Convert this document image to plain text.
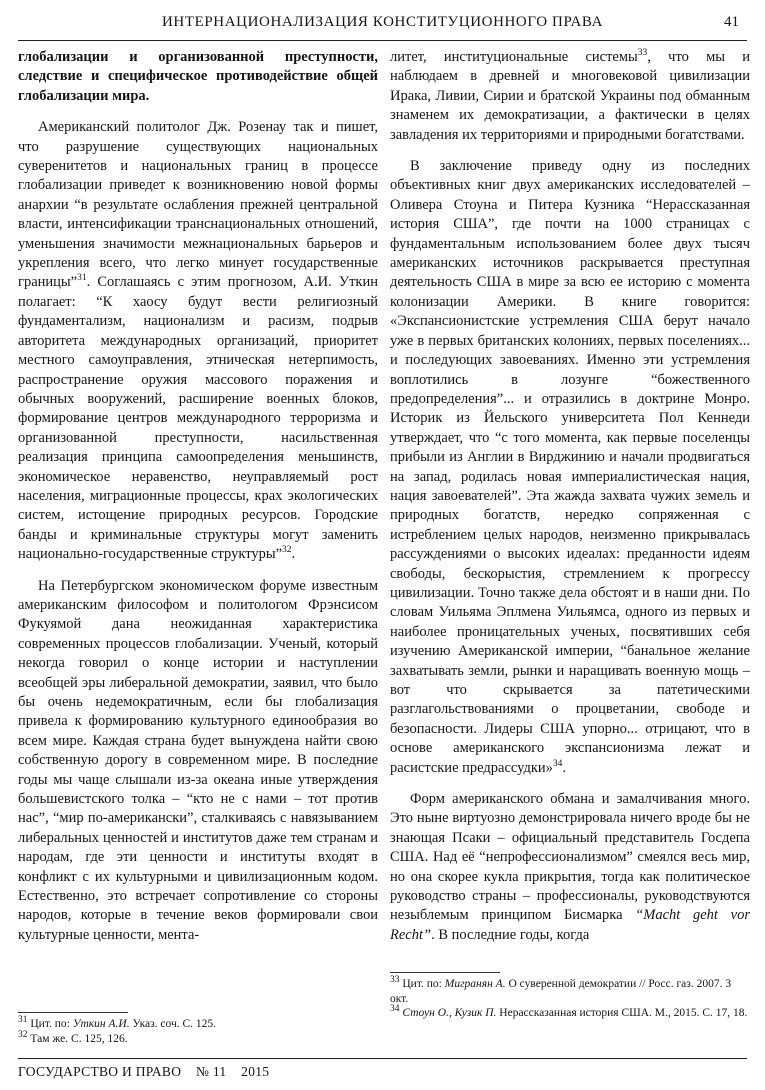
ИНТЕРНАЦИОНАЛИЗАЦИЯ КОНСТИТУЦИОННОГО ПРАВА	41

глобализации и организованной преступности, следствие и специфическое противодействие общей глобализации мира.

Американский политолог Дж. Розенау так и пишет, что разрушение существующих национальных суверенитетов и национальных границ в процессе глобализации приведет к возникновению новой формы анархии “в результате ослабления прежней центральной власти, интенсификации транснациональных отношений, уменьшения значимости межнациональных барьеров и укрепления всего, что легко минует государственные границы”$^{31}$. Соглашаясь с этим прогнозом, А.И. Уткин полагает: “К хаосу будут вести религиозный фундаментализм, национализм и расизм, подрыв авторитета международных организаций, приоритет местного самоуправления, этническая нетерпимость, распространение оружия массового поражения и обычных вооружений, расширение военных блоков, формирование центров международного терроризма и организованной преступности, насильственная реализация принципа самоопределения меньшинств, экономическое неравенство, неуправляемый рост населения, миграционные процессы, крах экологических систем, истощение природных ресурсов. Городские банды и криминальные структуры могут заменить национально-государственные структуры”$^{32}$.

На Петербургском экономическом форуме известным американским философом и политологом Фрэнсисом Фукуямой дана неожиданная характеристика современных процессов глобализации. Ученый, который некогда говорил о конце истории и наступлении всеобщей эры либеральной демократии, заявил, что было бы очень недемократичным, если бы глобализация привела к формированию культурного единообразия во всем мире. Каждая страна будет вынуждена найти свою собственную дорогу в современном мире. В последние годы мы чаще слышали из-за океана иные утверждения большевистского толка – “кто не с нами – тот против нас”, “мир по-американски”, сталкиваясь с навязыванием либеральных ценностей и институтов даже тем странам и народам, где эти ценности и институты входят в конфликт с их культурными и цивилизационным кодом. Естественно, это встречает сопротивление со стороны народов, которые в течение веков формировали свои культурные ценности, мента-

литет, институциональные системы$^{33}$, что мы и наблюдаем в древней и многовековой цивилизации Ирака, Ливии, Сирии и братской Украины под обманным знаменем их демократизации, а фактически в целях завладения их территориями и природными богатствами.

В заключение приведу одну из последних объективных книг двух американских исследователей – Оливера Стоуна и Питера Кузника “Нерассказанная история США”, где почти на 1000 страницах с фундаментальным использованием более двух тысяч американских источников раскрывается преступная деятельность США в мире за всю ее историю с момента колонизации Америки. В книге говорится: «Экспансионистские устремления США берут начало уже в первых британских колониях, первых поселениях... и последующих завоеваниях. Именно эти устремления воплотились в лозунге “божественного предопределения”... и отразились в доктрине Монро. Историк из Йельского университета Пол Кеннеди утверждает, что “с того момента, как первые поселенцы прибыли из Англии в Вирджинию и начали продвигаться на запад, родилась новая империалистическая нация, нация завоевателей”. Эта жажда захвата чужих земель и природных богатств, нередко сопряженная с истреблением целых народов, неизменно прикрывалась рассуждениями о высоких идеалах: преданности идеям свободы, бескорыстия, стремлением к прогрессу цивилизации. Точно также дела обстоят и в наши дни. По словам Уильяма Эплмена Уильямса, одного из первых и наиболее проницательных ученых, посвятивших себя изучению Американской империи, “банальное желание захватывать земли, рынки и наращивать военную мощь – вот что скрывается за патетическими разглагольствованиями о процветании, свободе и безопасности. Лидеры США упорно... отрицают, что в основе американского экспансионизма лежат и расистские предрассудки»$^{34}$.

Форм американского обмана и замалчивания много. Это ныне виртуозно демонстрировала ничего вроде бы не знающая Псаки – официальный представитель Госдепа США. Над её “непрофессионализмом” смеялся весь мир, но она скорее кукла прикрытия, тогда как политическое руководство страны – профессионалы, руководствуются незыблемым принципом Бисмарка “Macht geht vor Recht”. В последние годы, когда

$^{33}$ Цит. по: Мигранян А. О суверенной демократии // Росс. газ. 2007. 3 окт.

$^{34}$ Стоун О., Кузик П. Нерассказанная история США. М., 2015. С. 17, 18.

$^{31}$ Цит. по: Уткин А.И. Указ. соч. С. 125.

$^{32}$ Там же. С. 125, 126.

ГОСУДАРСТВО И ПРАВО № 11 2015
